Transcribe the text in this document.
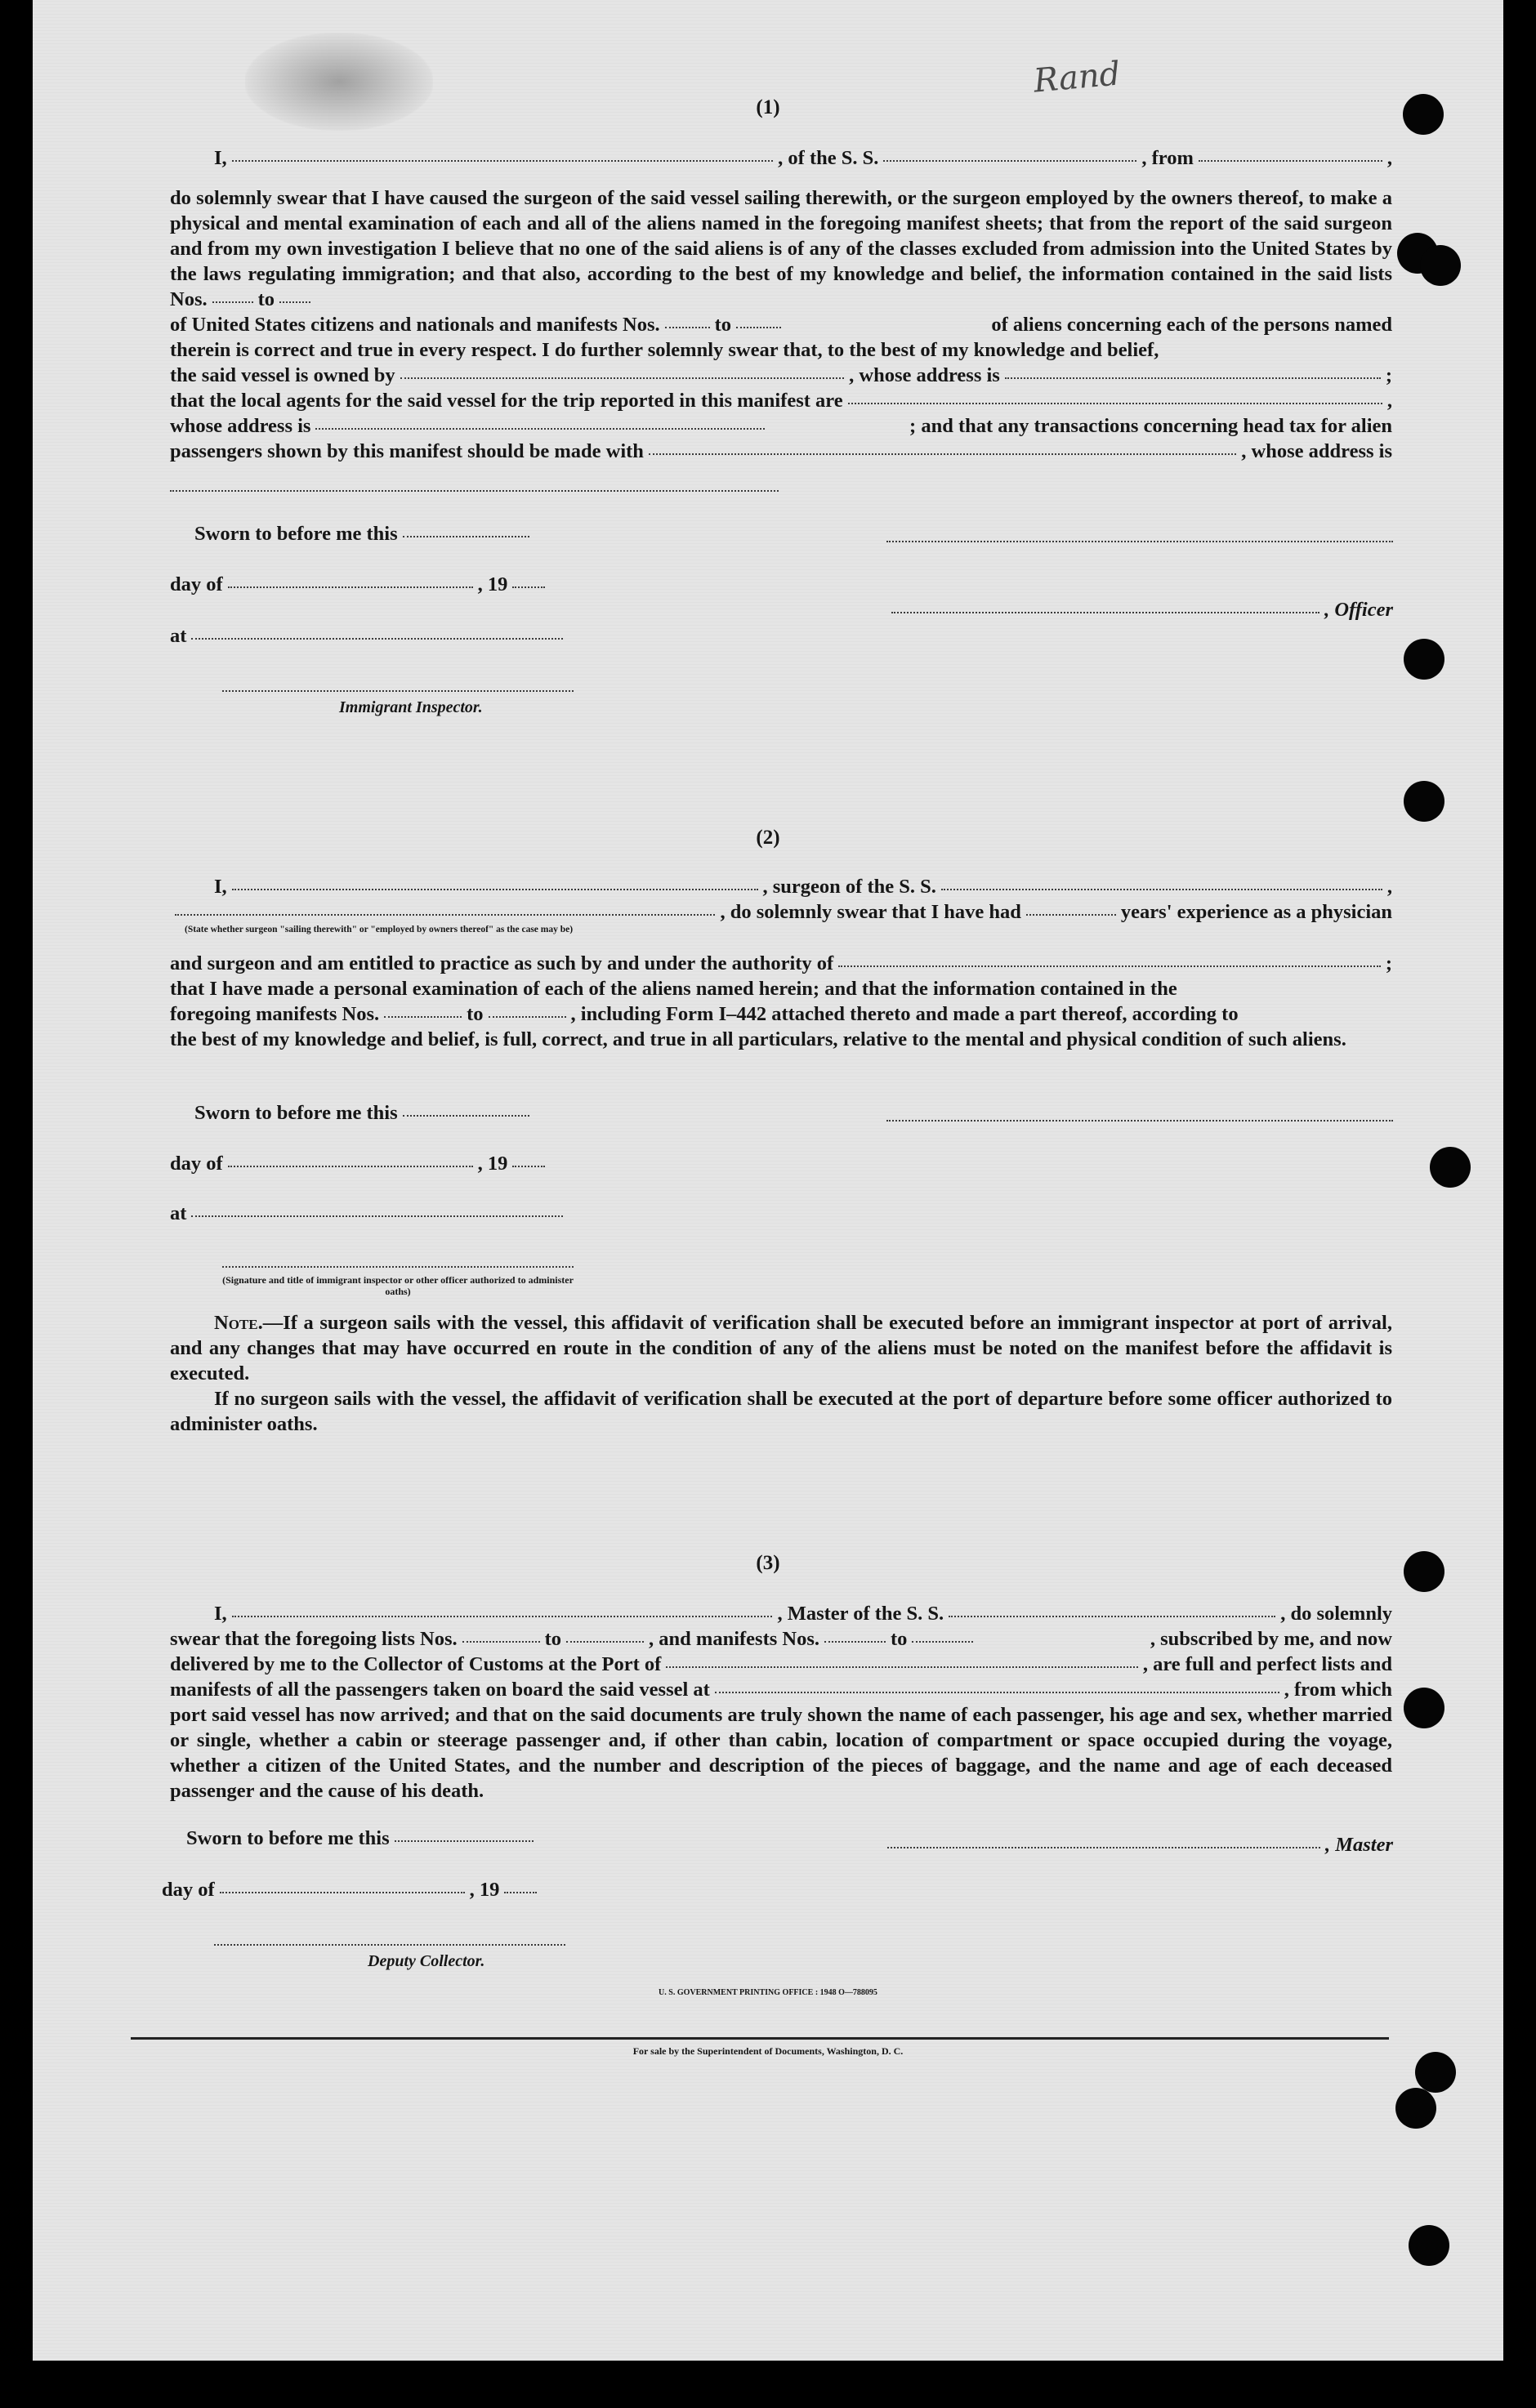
Rand
(1)
I,	, of the S. S.	, from	,

do solemnly swear that I have caused the surgeon of the said vessel sailing therewith, or the surgeon employed by the owners thereof, to make a physical and mental examination of each and all of the aliens named in the foregoing manifest sheets; that from the report of the said surgeon and from my own investigation I believe that no one of the said aliens is of any of the classes excluded from admission into the United States by the laws regulating immigration; and that also, according to the best of my knowledge and belief, the information contained in the said lists Nos.	to

of United States citizens and nationals and manifests Nos.	to	of aliens concerning each of the persons named

therein is correct and true in every respect. I do further solemnly swear that, to the best of my knowledge and belief,

the said vessel is owned by	, whose address is	;
that the local agents for the said vessel for the trip reported in this manifest are	,
whose address is	; and that any transactions concerning head tax for alien
passengers shown by this manifest should be made with	, whose address is
Sworn to before me this
day of	, 19
, Officer
at
Immigrant Inspector.
(2)
I,	, surgeon of the S. S.	,
, do solemnly swear that I have had	years' experience as a physician
(State whether surgeon "sailing therewith" or "employed by owners thereof" as the case may be)
and surgeon and am entitled to practice as such by and under the authority of	;

that I have made a personal examination of each of the aliens named herein; and that the information contained in the

foregoing manifests Nos.	to	, including Form I–442 attached thereto and made a part thereof, according to

the best of my knowledge and belief, is full, correct, and true in all particulars, relative to the mental and physical condition of such aliens.

Sworn to before me this
day of	, 19
at
(Signature and title of immigrant inspector or other officer authorized to administer oaths)

Note.—If a surgeon sails with the vessel, this affidavit of verification shall be executed before an immigrant inspector at port of arrival, and any changes that may have occurred en route in the condition of any of the aliens must be noted on the manifest before the affidavit is executed.

If no surgeon sails with the vessel, the affidavit of verification shall be executed at the port of departure before some officer authorized to administer oaths.

(3)
I,	, Master of the S. S.	, do solemnly
swear that the foregoing lists Nos.	to	, and manifests Nos.	to	, subscribed by me, and now
delivered by me to the Collector of Customs at the Port of	, are full and perfect lists and
manifests of all the passengers taken on board the said vessel at	, from which

port said vessel has now arrived; and that on the said documents are truly shown the name of each passenger, his age and sex, whether married or single, whether a cabin or steerage passenger and, if other than cabin, location of compartment or space occupied during the voyage, whether a citizen of the United States, and the number and description of the pieces of baggage, and the name and age of each deceased passenger and the cause of his death.

Sworn to before me this	, Master
day of	, 19
Deputy Collector.
U. S. GOVERNMENT PRINTING OFFICE : 1948 O—788095
For sale by the Superintendent of Documents, Washington, D. C.
